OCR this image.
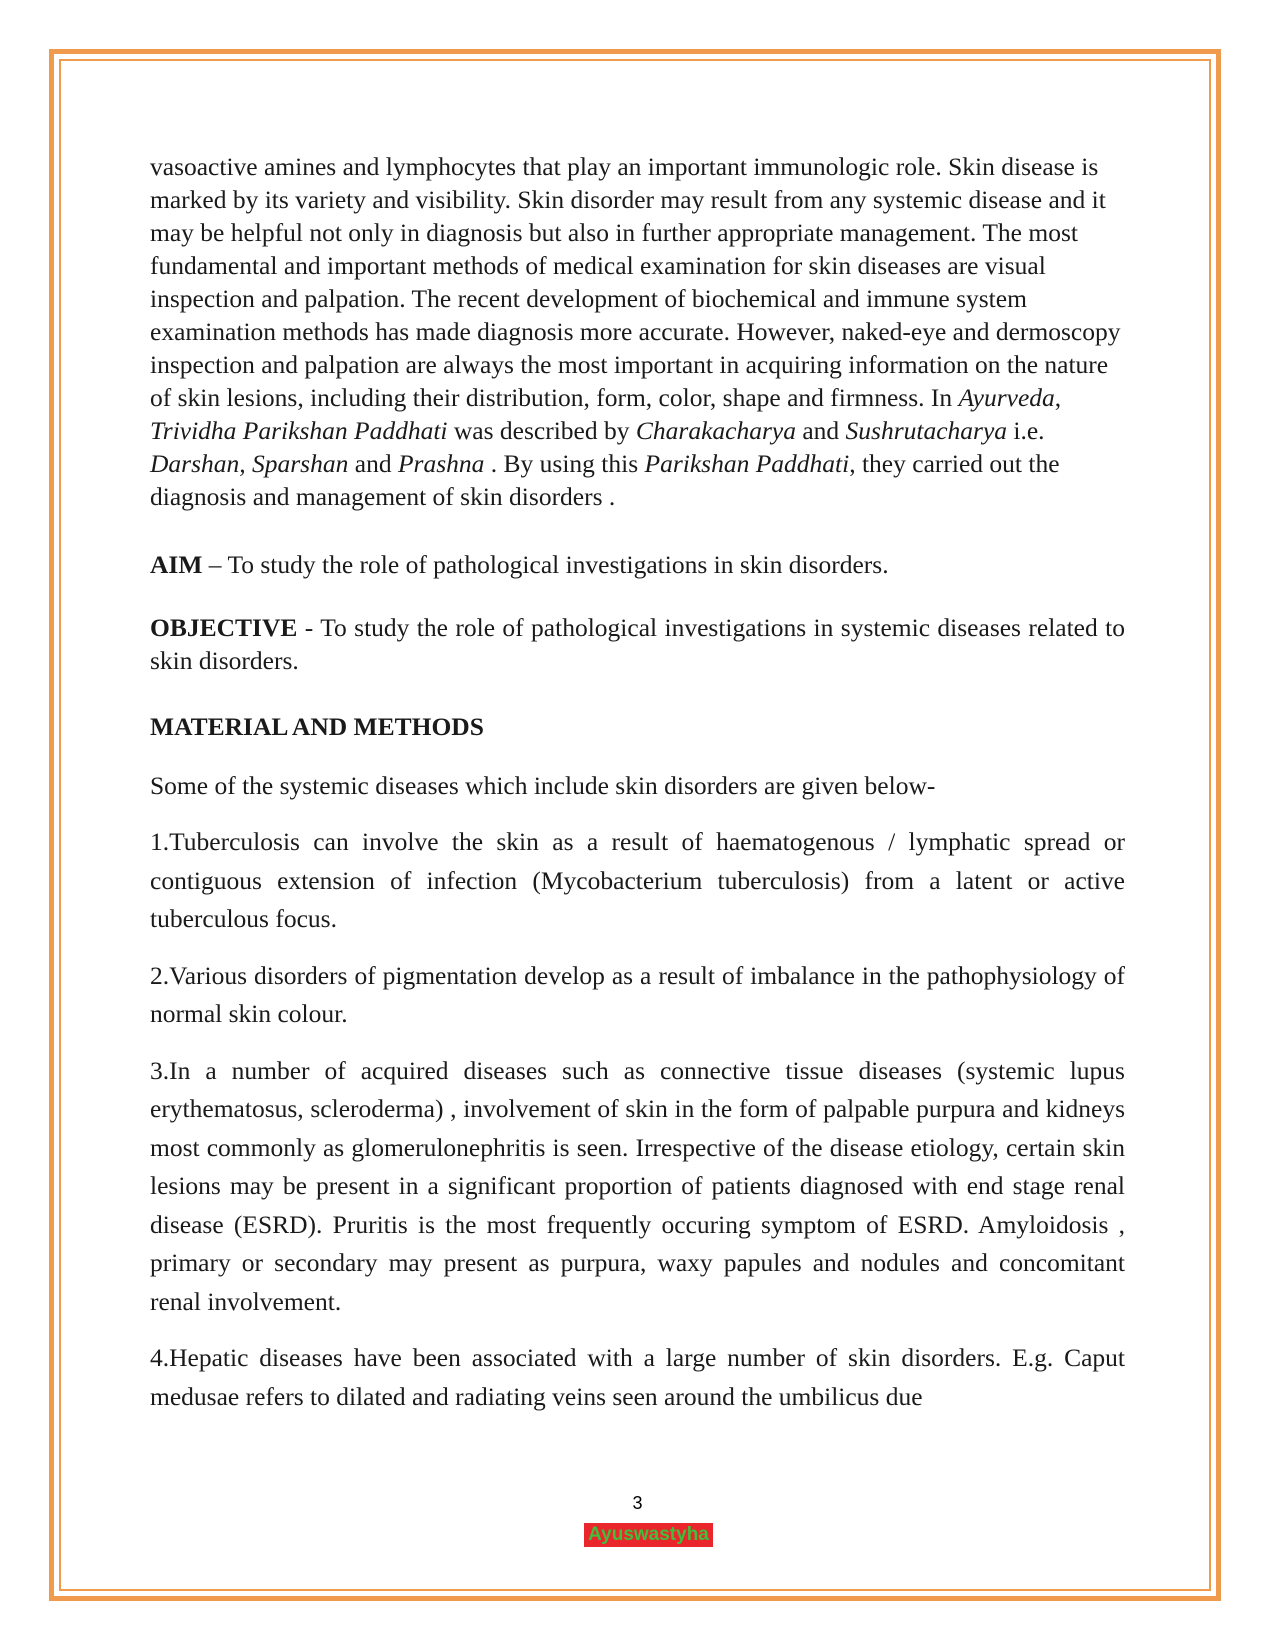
vasoactive amines and lymphocytes that play an important immunologic role. Skin disease is marked by its variety and visibility. Skin disorder may result from any systemic disease and it may be helpful not only in diagnosis but also in further appropriate management. The most fundamental and important methods of medical examination for skin diseases are visual inspection and palpation. The recent development of biochemical and immune system examination methods has made diagnosis more accurate. However, naked-eye and dermoscopy inspection and palpation are always the most important in acquiring information on the nature of skin lesions, including their distribution, form, color, shape and firmness. In Ayurveda, Trividha Parikshan Paddhati was described by Charakacharya and Sushrutacharya i.e. Darshan, Sparshan and Prashna . By using this Parikshan Paddhati, they carried out the diagnosis and management of skin disorders .

AIM – To study the role of pathological investigations in skin disorders.

OBJECTIVE - To study the role of pathological investigations in systemic diseases related to skin disorders.

MATERIAL AND METHODS

Some of the systemic diseases which include skin disorders are given below-

1.Tuberculosis can involve the skin as a result of haematogenous / lymphatic spread or contiguous extension of infection (Mycobacterium tuberculosis) from a latent or active tuberculous focus.

2.Various disorders of pigmentation develop as a result of imbalance in the pathophysiology of normal skin colour.

3.In a number of acquired diseases such as connective tissue diseases (systemic lupus erythematosus, scleroderma) , involvement of skin in the form of palpable purpura and kidneys most commonly as glomerulonephritis is seen. Irrespective of the disease etiology, certain skin lesions may be present in a significant proportion of patients diagnosed with end stage renal disease (ESRD). Pruritis is the most frequently occuring symptom of ESRD. Amyloidosis , primary or secondary may present as purpura, waxy papules and nodules and concomitant renal involvement.

4.Hepatic diseases have been associated with a large number of skin disorders. E.g. Caput medusae refers to dilated and radiating veins seen around the umbilicus due

3
Ayuswastyha
